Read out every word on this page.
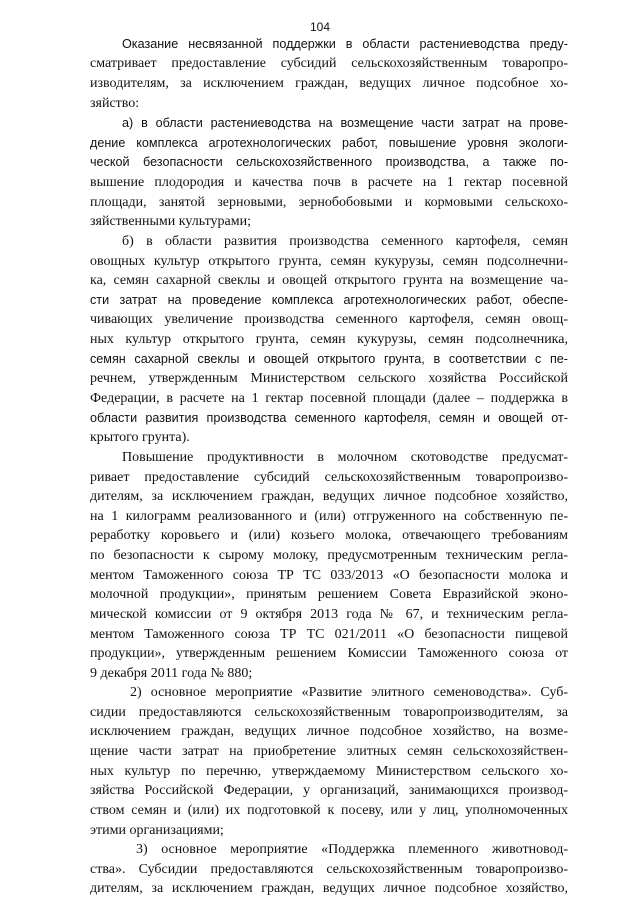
104
Оказание несвязанной поддержки в области растениеводства преду-
сматривает предоставление субсидий сельскохозяйственным товаропро-
изводителям, за исключением граждан, ведущих личное подсобное хо-
зяйство:
а) в области растениеводства на возмещение части затрат на прове-
дение комплекса агротехнологических работ, повышение уровня экологи-
ческой безопасности сельскохозяйственного производства, а также по-
вышение плодородия и качества почв в расчете на 1 гектар посевной
площади, занятой зерновыми, зернобобовыми и кормовыми сельскохо-
зяйственными культурами;
б) в области развития производства семенного картофеля, семян
овощных культур открытого грунта, семян кукурузы, семян подсолнечни-
ка, семян сахарной свеклы и овощей открытого грунта на возмещение ча-
сти затрат на проведение комплекса агротехнологических работ, обеспе-
чивающих увеличение производства семенного картофеля, семян овощ-
ных культур открытого грунта, семян кукурузы, семян подсолнечника,
семян сахарной свеклы и овощей открытого грунта, в соответствии с пе-
речнем, утвержденным Министерством сельского хозяйства Российской
Федерации, в расчете на 1 гектар посевной площади (далее – поддержка в
области развития производства семенного картофеля, семян и овощей от-
крытого грунта).
Повышение продуктивности в молочном скотоводстве предусмат-
ривает предоставление субсидий сельскохозяйственным товаропроизво-
дителям, за исключением граждан, ведущих личное подсобное хозяйство,
на 1 килограмм реализованного и (или) отгруженного на собственную пе-
реработку коровьего и (или) козьего молока, отвечающего требованиям
по безопасности к сырому молоку, предусмотренным техническим регла-
ментом Таможенного союза ТР ТС 033/2013 «О безопасности молока и
молочной продукции», принятым решением Совета Евразийской эконо-
мической комиссии от 9 октября 2013 года № 67, и техническим регла-
ментом Таможенного союза ТР ТС 021/2011 «О безопасности пищевой
продукции», утвержденным решением Комиссии Таможенного союза от
9 декабря 2011 года № 880;
2) основное мероприятие «Развитие элитного семеноводства». Суб-
сидии предоставляются сельскохозяйственным товаропроизводителям, за
исключением граждан, ведущих личное подсобное хозяйство, на возме-
щение части затрат на приобретение элитных семян сельскохозяйствен-
ных культур по перечню, утверждаемому Министерством сельского хо-
зяйства Российской Федерации, у организаций, занимающихся производ-
ством семян и (или) их подготовкой к посеву, или у лиц, уполномоченных
этими организациями;
3) основное мероприятие «Поддержка племенного животновод-
ства». Субсидии предоставляются сельскохозяйственным товаропроизво-
дителям, за исключением граждан, ведущих личное подсобное хозяйство,
